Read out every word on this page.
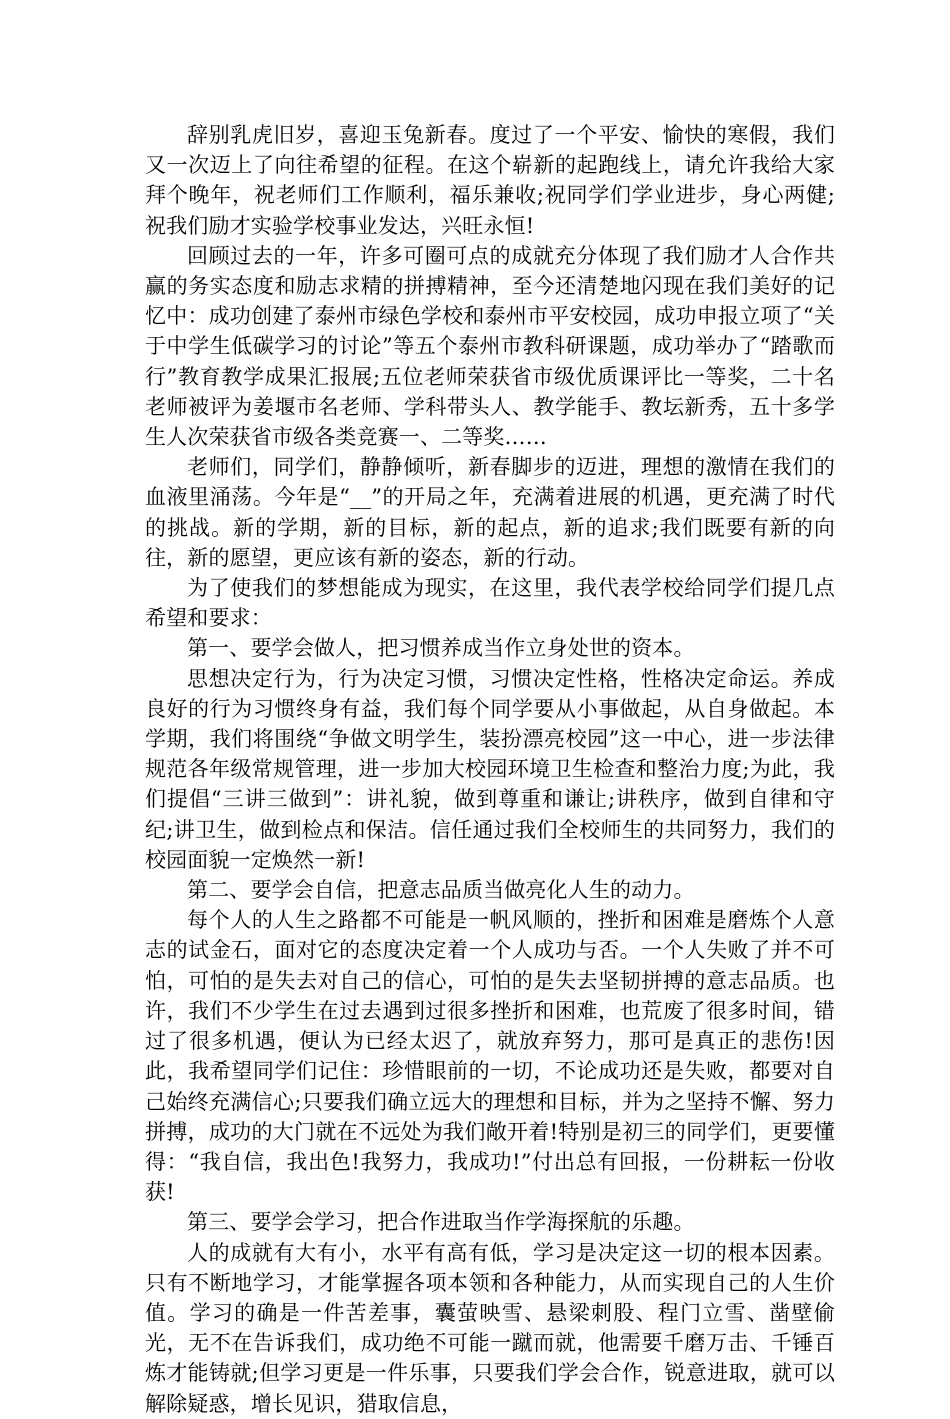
辞别乳虎旧岁，喜迎玉兔新春。度过了一个平安、愉快的寒假，我们又一次迈上了向往希望的征程。在这个崭新的起跑线上，请允许我给大家拜个晚年，祝老师们工作顺利，福乐兼收;祝同学们学业进步，身心两健;祝我们励才实验学校事业发达，兴旺永恒!

回顾过去的一年，许多可圈可点的成就充分体现了我们励才人合作共赢的务实态度和励志求精的拼搏精神，至今还清楚地闪现在我们美好的记忆中：成功创建了泰州市绿色学校和泰州市平安校园，成功申报立项了“关于中学生低碳学习的讨论”等五个泰州市教科研课题，成功举办了“踏歌而行”教育教学成果汇报展;五位老师荣获省市级优质课评比一等奖，二十名老师被评为姜堰市名老师、学科带头人、教学能手、教坛新秀，五十多学生人次荣获省市级各类竞赛一、二等奖……

老师们，同学们，静静倾听，新春脚步的迈进，理想的激情在我们的血液里涌荡。今年是“__”的开局之年，充满着进展的机遇，更充满了时代的挑战。新的学期，新的目标，新的起点，新的追求;我们既要有新的向往，新的愿望，更应该有新的姿态，新的行动。

为了使我们的梦想能成为现实，在这里，我代表学校给同学们提几点希望和要求：

第一、要学会做人，把习惯养成当作立身处世的资本。

思想决定行为，行为决定习惯，习惯决定性格，性格决定命运。养成良好的行为习惯终身有益，我们每个同学要从小事做起，从自身做起。本学期，我们将围绕“争做文明学生，装扮漂亮校园”这一中心，进一步法律规范各年级常规管理，进一步加大校园环境卫生检查和整治力度;为此，我们提倡“三讲三做到”：讲礼貌，做到尊重和谦让;讲秩序，做到自律和守纪;讲卫生，做到检点和保洁。信任通过我们全校师生的共同努力，我们的校园面貌一定焕然一新!

第二、要学会自信，把意志品质当做亮化人生的动力。

每个人的人生之路都不可能是一帆风顺的，挫折和困难是磨炼个人意志的试金石，面对它的态度决定着一个人成功与否。一个人失败了并不可怕，可怕的是失去对自己的信心，可怕的是失去坚韧拼搏的意志品质。也许，我们不少学生在过去遇到过很多挫折和困难，也荒废了很多时间，错过了很多机遇，便认为已经太迟了，就放弃努力，那可是真正的悲伤!因此，我希望同学们记住：珍惜眼前的一切，不论成功还是失败，都要对自己始终充满信心;只要我们确立远大的理想和目标，并为之坚持不懈、努力拼搏，成功的大门就在不远处为我们敞开着!特别是初三的同学们，更要懂得：“我自信，我出色!我努力，我成功!”付出总有回报，一份耕耘一份收获!

第三、要学会学习，把合作进取当作学海探航的乐趣。

人的成就有大有小，水平有高有低，学习是决定这一切的根本因素。只有不断地学习，才能掌握各项本领和各种能力，从而实现自己的人生价值。学习的确是一件苦差事，囊萤映雪、悬梁刺股、程门立雪、凿壁偷光，无不在告诉我们，成功绝不可能一蹴而就，他需要千磨万击、千锤百炼才能铸就;但学习更是一件乐事，只要我们学会合作，锐意进取，就可以解除疑惑，增长见识，猎取信息，
